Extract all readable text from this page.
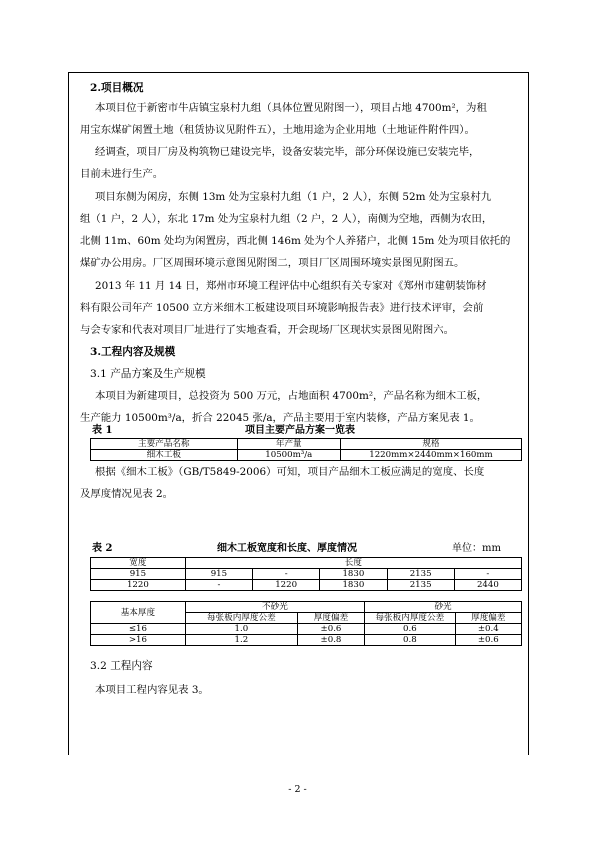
2.项目概况
本项目位于新密市牛店镇宝泉村九组（具体位置见附图一），项目占地 4700m²，为租
用宝东煤矿闲置土地（租赁协议见附件五），土地用途为企业用地（土地证件附件四）。
经调查，项目厂房及构筑物已建设完毕，设备安装完毕，部分环保设施已安装完毕，
目前未进行生产。
项目东侧为闲房，东侧 13m 处为宝泉村九组（1 户，2 人），东侧 52m 处为宝泉村九
组（1 户，2 人），东北 17m 处为宝泉村九组（2 户，2 人），南侧为空地，西侧为农田，
北侧 11m、60m 处均为闲置房，西北侧 146m 处为个人养猪户，北侧 15m 处为项目依托的
煤矿办公用房。厂区周围环境示意图见附图二，项目厂区周围环境实景图见附图五。
2013 年 11 月 14 日，郑州市环境工程评估中心组织有关专家对《郑州市建朝装饰材
料有限公司年产 10500 立方米细木工板建设项目环境影响报告表》进行技术评审，会前
与会专家和代表对项目厂址进行了实地查看，开会现场厂区现状实景图见附图六。
3.工程内容及规模
3.1 产品方案及生产规模
本项目为新建项目，总投资为 500 万元，占地面积 4700m²，产品名称为细木工板，
生产能力 10500m³/a，折合 22045 张/a，产品主要用于室内装修，产品方案见表 1。
表 1	项目主要产品方案一览表
主要产品名称	年产量	规格
细木工板	10500m³/a	1220mm×2440mm×160mm
根据《细木工板》（GB/T5849-2006）可知，项目产品细木工板应满足的宽度、长度
及厚度情况见表 2。
表 2	细木工板宽度和长度、厚度情况	单位：mm
宽度	长度				
915	915	-	1830	2135	-
1220	-	1220	1830	2135	2440
基本厚度	不砂光		砂光	
	每张板内厚度公差	厚度偏差	每张板内厚度公差	厚度偏差
≤16	1.0	±0.6	0.6	±0.4
>16	1.2	±0.8	0.8	±0.6
3.2 工程内容
本项目工程内容见表 3。
- 2 -
